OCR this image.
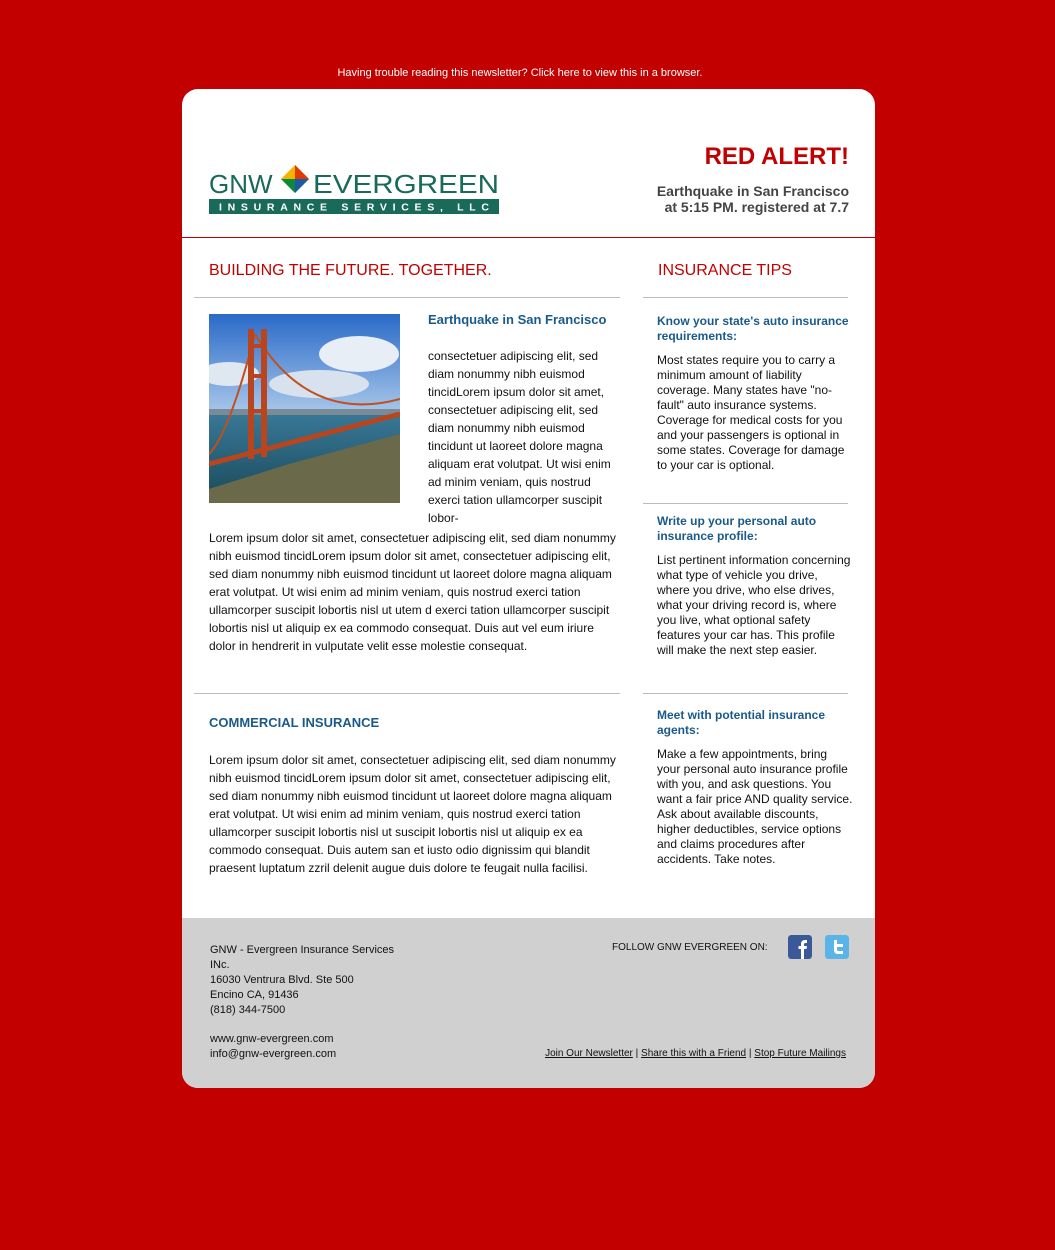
Having trouble reading this newsletter? Click here to view this in a browser.
GNW EVERGREEN
INSURANCE SERVICES, LLC
RED ALERT!
Earthquake in San Francisco
at 5:15 PM. registered at 7.7
BUILDING THE FUTURE. TOGETHER.	INSURANCE TIPS
Earthquake in San Francisco
consectetuer adipiscing elit, sed diam nonummy nibh euismod tincidLorem ipsum dolor sit amet, consectetuer adipiscing elit, sed diam nonummy nibh euismod tincidunt ut laoreet dolore magna aliquam erat volutpat. Ut wisi enim ad minim veniam, quis nostrud exerci tation ullamcorper suscipit lobor-
Lorem ipsum dolor sit amet, consectetuer adipiscing elit, sed diam nonummy nibh euismod tincidLorem ipsum dolor sit amet, consectetuer adipiscing elit, sed diam nonummy nibh euismod tincidunt ut laoreet dolore magna aliquam erat volutpat. Ut wisi enim ad minim veniam, quis nostrud exerci tation ullamcorper suscipit lobortis nisl ut utem d exerci tation ullamcorper suscipit lobortis nisl ut aliquip ex ea commodo consequat. Duis aut vel eum iriure dolor in hendrerit in vulputate velit esse molestie consequat.
COMMERCIAL INSURANCE
Lorem ipsum dolor sit amet, consectetuer adipiscing elit, sed diam nonummy nibh euismod tincidLorem ipsum dolor sit amet, consectetuer adipiscing elit, sed diam nonummy nibh euismod tincidunt ut laoreet dolore magna aliquam erat volutpat. Ut wisi enim ad minim veniam, quis nostrud exerci tation ullamcorper suscipit lobortis nisl ut suscipit lobortis nisl ut aliquip ex ea commodo consequat. Duis autem san et iusto odio dignissim qui blandit praesent luptatum zzril delenit augue duis dolore te feugait nulla facilisi.
Know your state's auto insurance requirements:
Most states require you to carry a minimum amount of liability coverage. Many states have "no-fault" auto insurance systems. Coverage for medical costs for you and your passengers is optional in some states. Coverage for damage to your car is optional.
Write up your personal auto insurance profile:
List pertinent information concerning what type of vehicle you drive, where you drive, who else drives, what your driving record is, where you live, what optional safety features your car has. This profile will make the next step easier.
Meet with potential insurance agents:
Make a few appointments, bring your personal auto insurance profile with you, and ask questions. You want a fair price AND quality service. Ask about available discounts, higher deductibles, service options and claims procedures after accidents. Take notes.
GNW - Evergreen Insurance Services INc.
16030 Ventrura Blvd. Ste 500
Encino CA, 91436
(818) 344-7500
www.gnw-evergreen.com
info@gnw-evergreen.com
FOLLOW GNW EVERGREEN ON:
Join Our Newsletter | Share this with a Friend | Stop Future Mailings
